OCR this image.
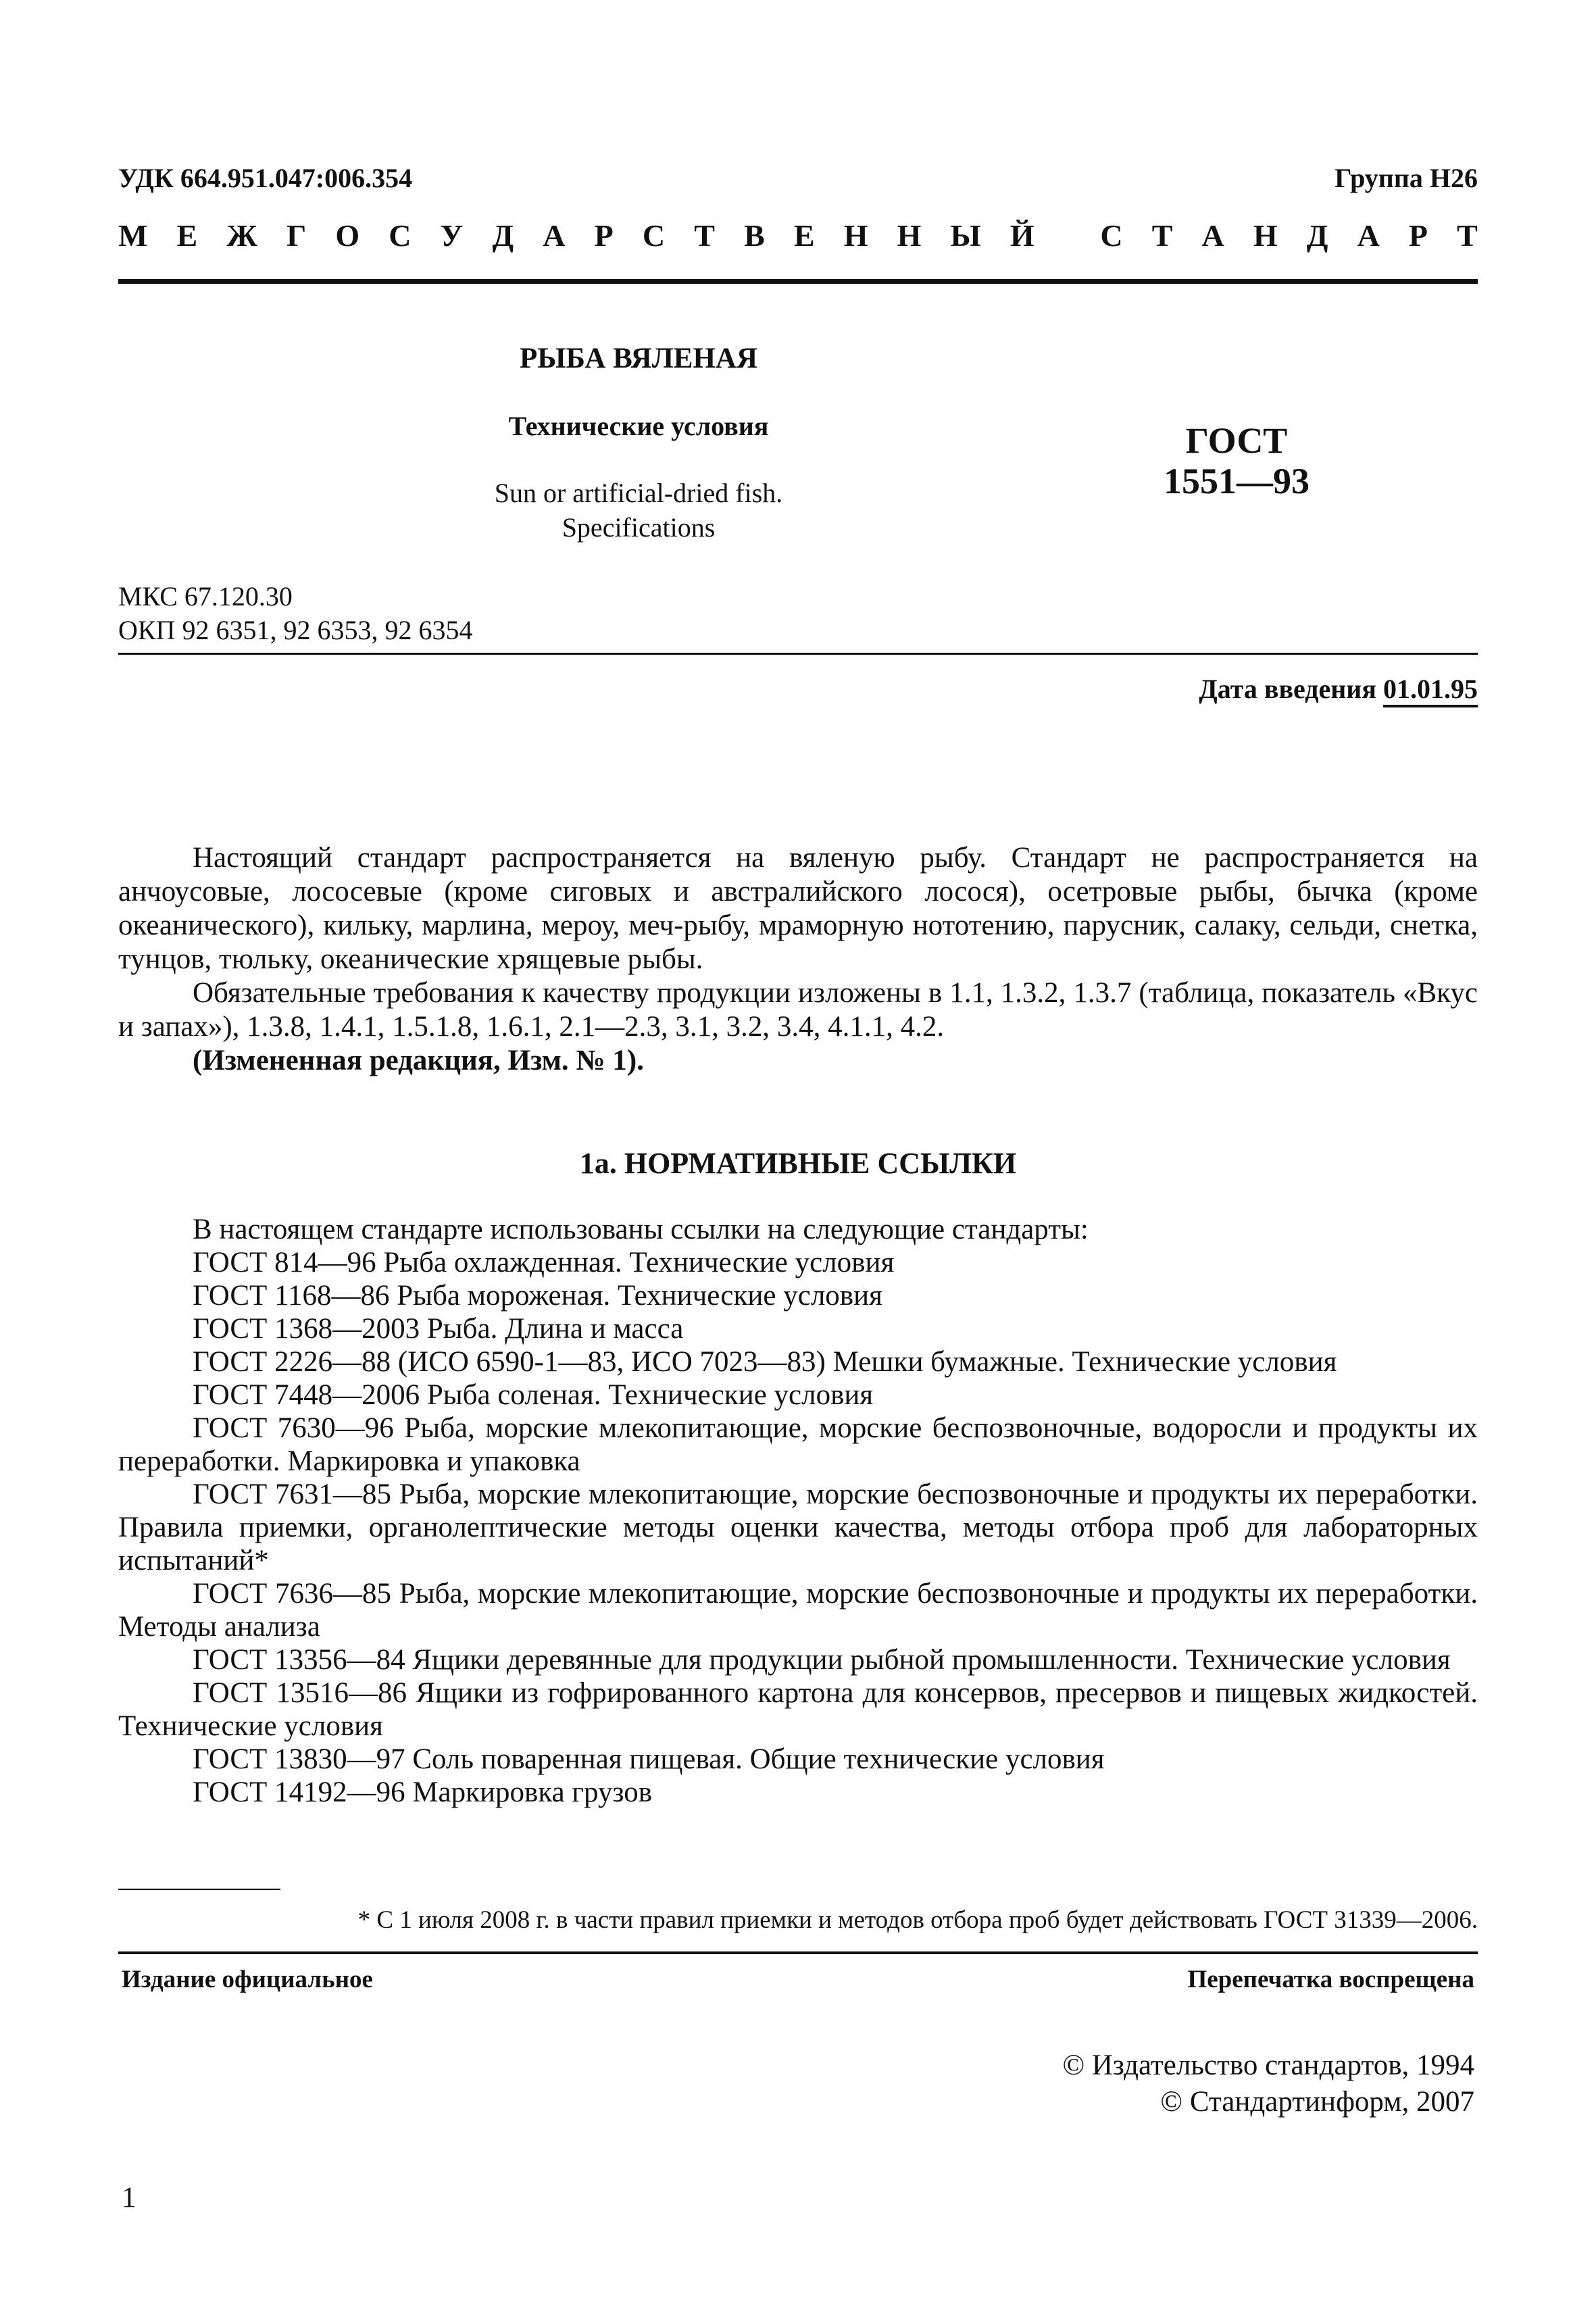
УДК 664.951.047:006.354	Группа Н26
М Е Ж Г О С У Д А Р С Т В Е Н Н Ы Й
С Т А Н Д А Р Т
РЫБА ВЯЛЕНАЯ
Технические условия
Sun or artificial-dried fish.
Specifications
ГОСТ
1551—93
МКС 67.120.30
ОКП 92 6351, 92 6353, 92 6354
Дата введения 01.01.95

Настоящий стандарт распространяется на вяленую рыбу. Стандарт не распространяется на анчоусовые, лососевые (кроме сиговых и австралийского лосося), осетровые рыбы, бычка (кроме океанического), кильку, марлина, мероу, меч-рыбу, мраморную нототению, парусник, салаку, сельди, снетка, тунцов, тюльку, океанические хрящевые рыбы.

Обязательные требования к качеству продукции изложены в 1.1, 1.3.2, 1.3.7 (таблица, показатель «Вкус и запах»), 1.3.8, 1.4.1, 1.5.1.8, 1.6.1, 2.1—2.3, 3.1, 3.2, 3.4, 4.1.1, 4.2.

(Измененная редакция, Изм. № 1).

1а. НОРМАТИВНЫЕ ССЫЛКИ

В настоящем стандарте использованы ссылки на следующие стандарты:

ГОСТ 814—96 Рыба охлажденная. Технические условия

ГОСТ 1168—86 Рыба мороженая. Технические условия

ГОСТ 1368—2003 Рыба. Длина и масса

ГОСТ 2226—88 (ИСО 6590-1—83, ИСО 7023—83) Мешки бумажные. Технические условия

ГОСТ 7448—2006 Рыба соленая. Технические условия

ГОСТ 7630—96 Рыба, морские млекопитающие, морские беспозвоночные, водоросли и продукты их переработки. Маркировка и упаковка

ГОСТ 7631—85 Рыба, морские млекопитающие, морские беспозвоночные и продукты их переработки. Правила приемки, органолептические методы оценки качества, методы отбора проб для лабораторных испытаний*

ГОСТ 7636—85 Рыба, морские млекопитающие, морские беспозвоночные и продукты их переработки. Методы анализа

ГОСТ 13356—84 Ящики деревянные для продукции рыбной промышленности. Технические условия

ГОСТ 13516—86 Ящики из гофрированного картона для консервов, пресервов и пищевых жидкостей. Технические условия

ГОСТ 13830—97 Соль поваренная пищевая. Общие технические условия

ГОСТ 14192—96 Маркировка грузов

* С 1 июля 2008 г. в части правил приемки и методов отбора проб будет действовать ГОСТ 31339—2006.
Издание официальное	Перепечатка воспрещена
© Издательство стандартов, 1994
© Стандартинформ, 2007
1
